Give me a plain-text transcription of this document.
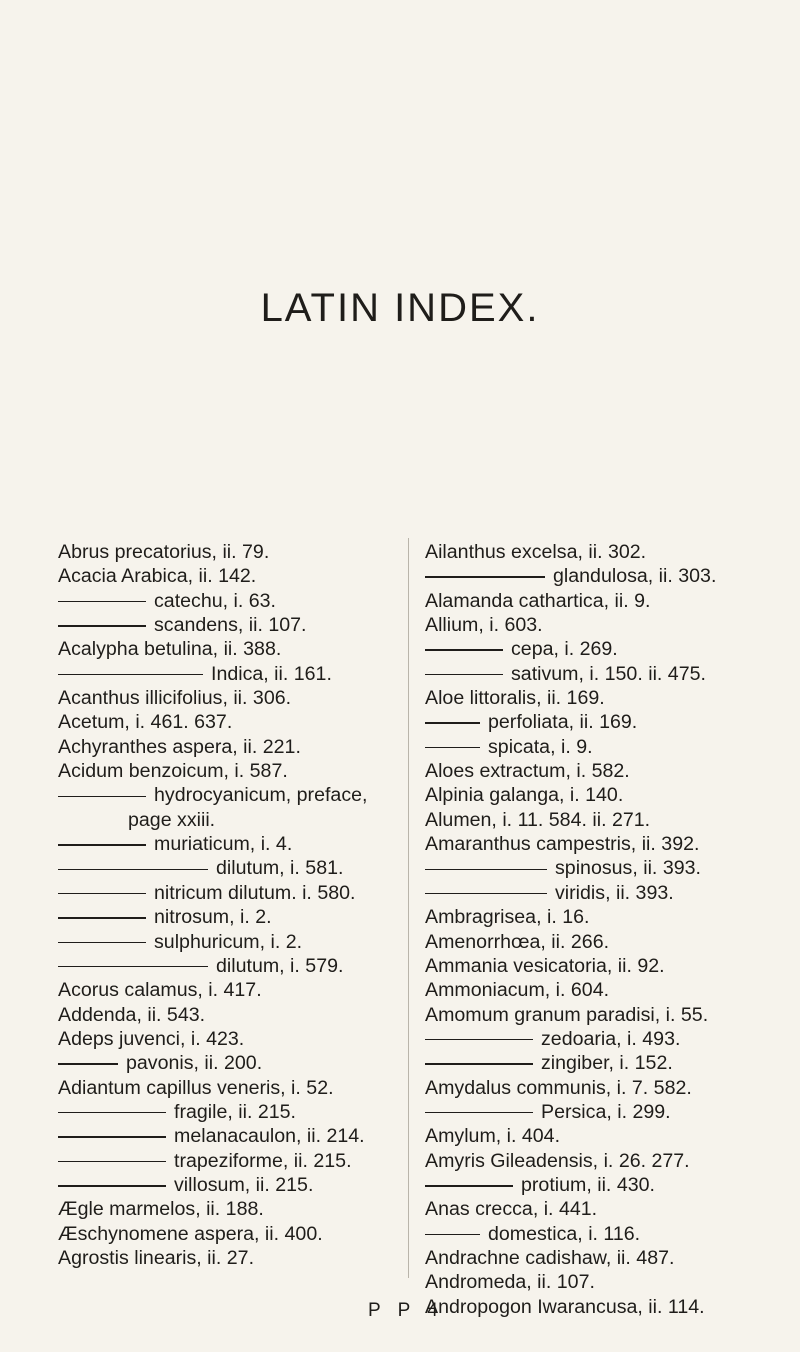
LATIN INDEX.
Abrus precatorius, ii. 79.
Acacia Arabica, ii. 142.
catechu, i. 63.
scandens, ii. 107.
Acalypha betulina, ii. 388.
Indica, ii. 161.
Acanthus illicifolius, ii. 306.
Acetum, i. 461. 637.
Achyranthes aspera, ii. 221.
Acidum benzoicum, i. 587.
hydrocyanicum, preface, page xxiii.
muriaticum, i. 4.
dilutum, i. 581.
nitricum dilutum. i. 580.
nitrosum, i. 2.
sulphuricum, i. 2.
dilutum, i. 579.
Acorus calamus, i. 417.
Addenda, ii. 543.
Adeps juvenci, i. 423.
pavonis, ii. 200.
Adiantum capillus veneris, i. 52.
fragile, ii. 215.
melanacaulon, ii. 214.
trapeziforme, ii. 215.
villosum, ii. 215.
Ægle marmelos, ii. 188.
Æschynomene aspera, ii. 400.
Agrostis linearis, ii. 27.
Ailanthus excelsa, ii. 302.
glandulosa, ii. 303.
Alamanda cathartica, ii. 9.
Allium, i. 603.
cepa, i. 269.
sativum, i. 150. ii. 475.
Aloe littoralis, ii. 169.
perfoliata, ii. 169.
spicata, i. 9.
Aloes extractum, i. 582.
Alpinia galanga, i. 140.
Alumen, i. 11. 584. ii. 271.
Amaranthus campestris, ii. 392.
spinosus, ii. 393.
viridis, ii. 393.
Ambragrisea, i. 16.
Amenorrhœa, ii. 266.
Ammania vesicatoria, ii. 92.
Ammoniacum, i. 604.
Amomum granum paradisi, i. 55.
zedoaria, i. 493.
zingiber, i. 152.
Amydalus communis, i. 7. 582.
Persica, i. 299.
Amylum, i. 404.
Amyris Gileadensis, i. 26. 277.
protium, ii. 430.
Anas crecca, i. 441.
domestica, i. 116.
Andrachne cadishaw, ii. 487.
Andromeda, ii. 107.
Andropogon Iwarancusa, ii. 114.
P P 4
